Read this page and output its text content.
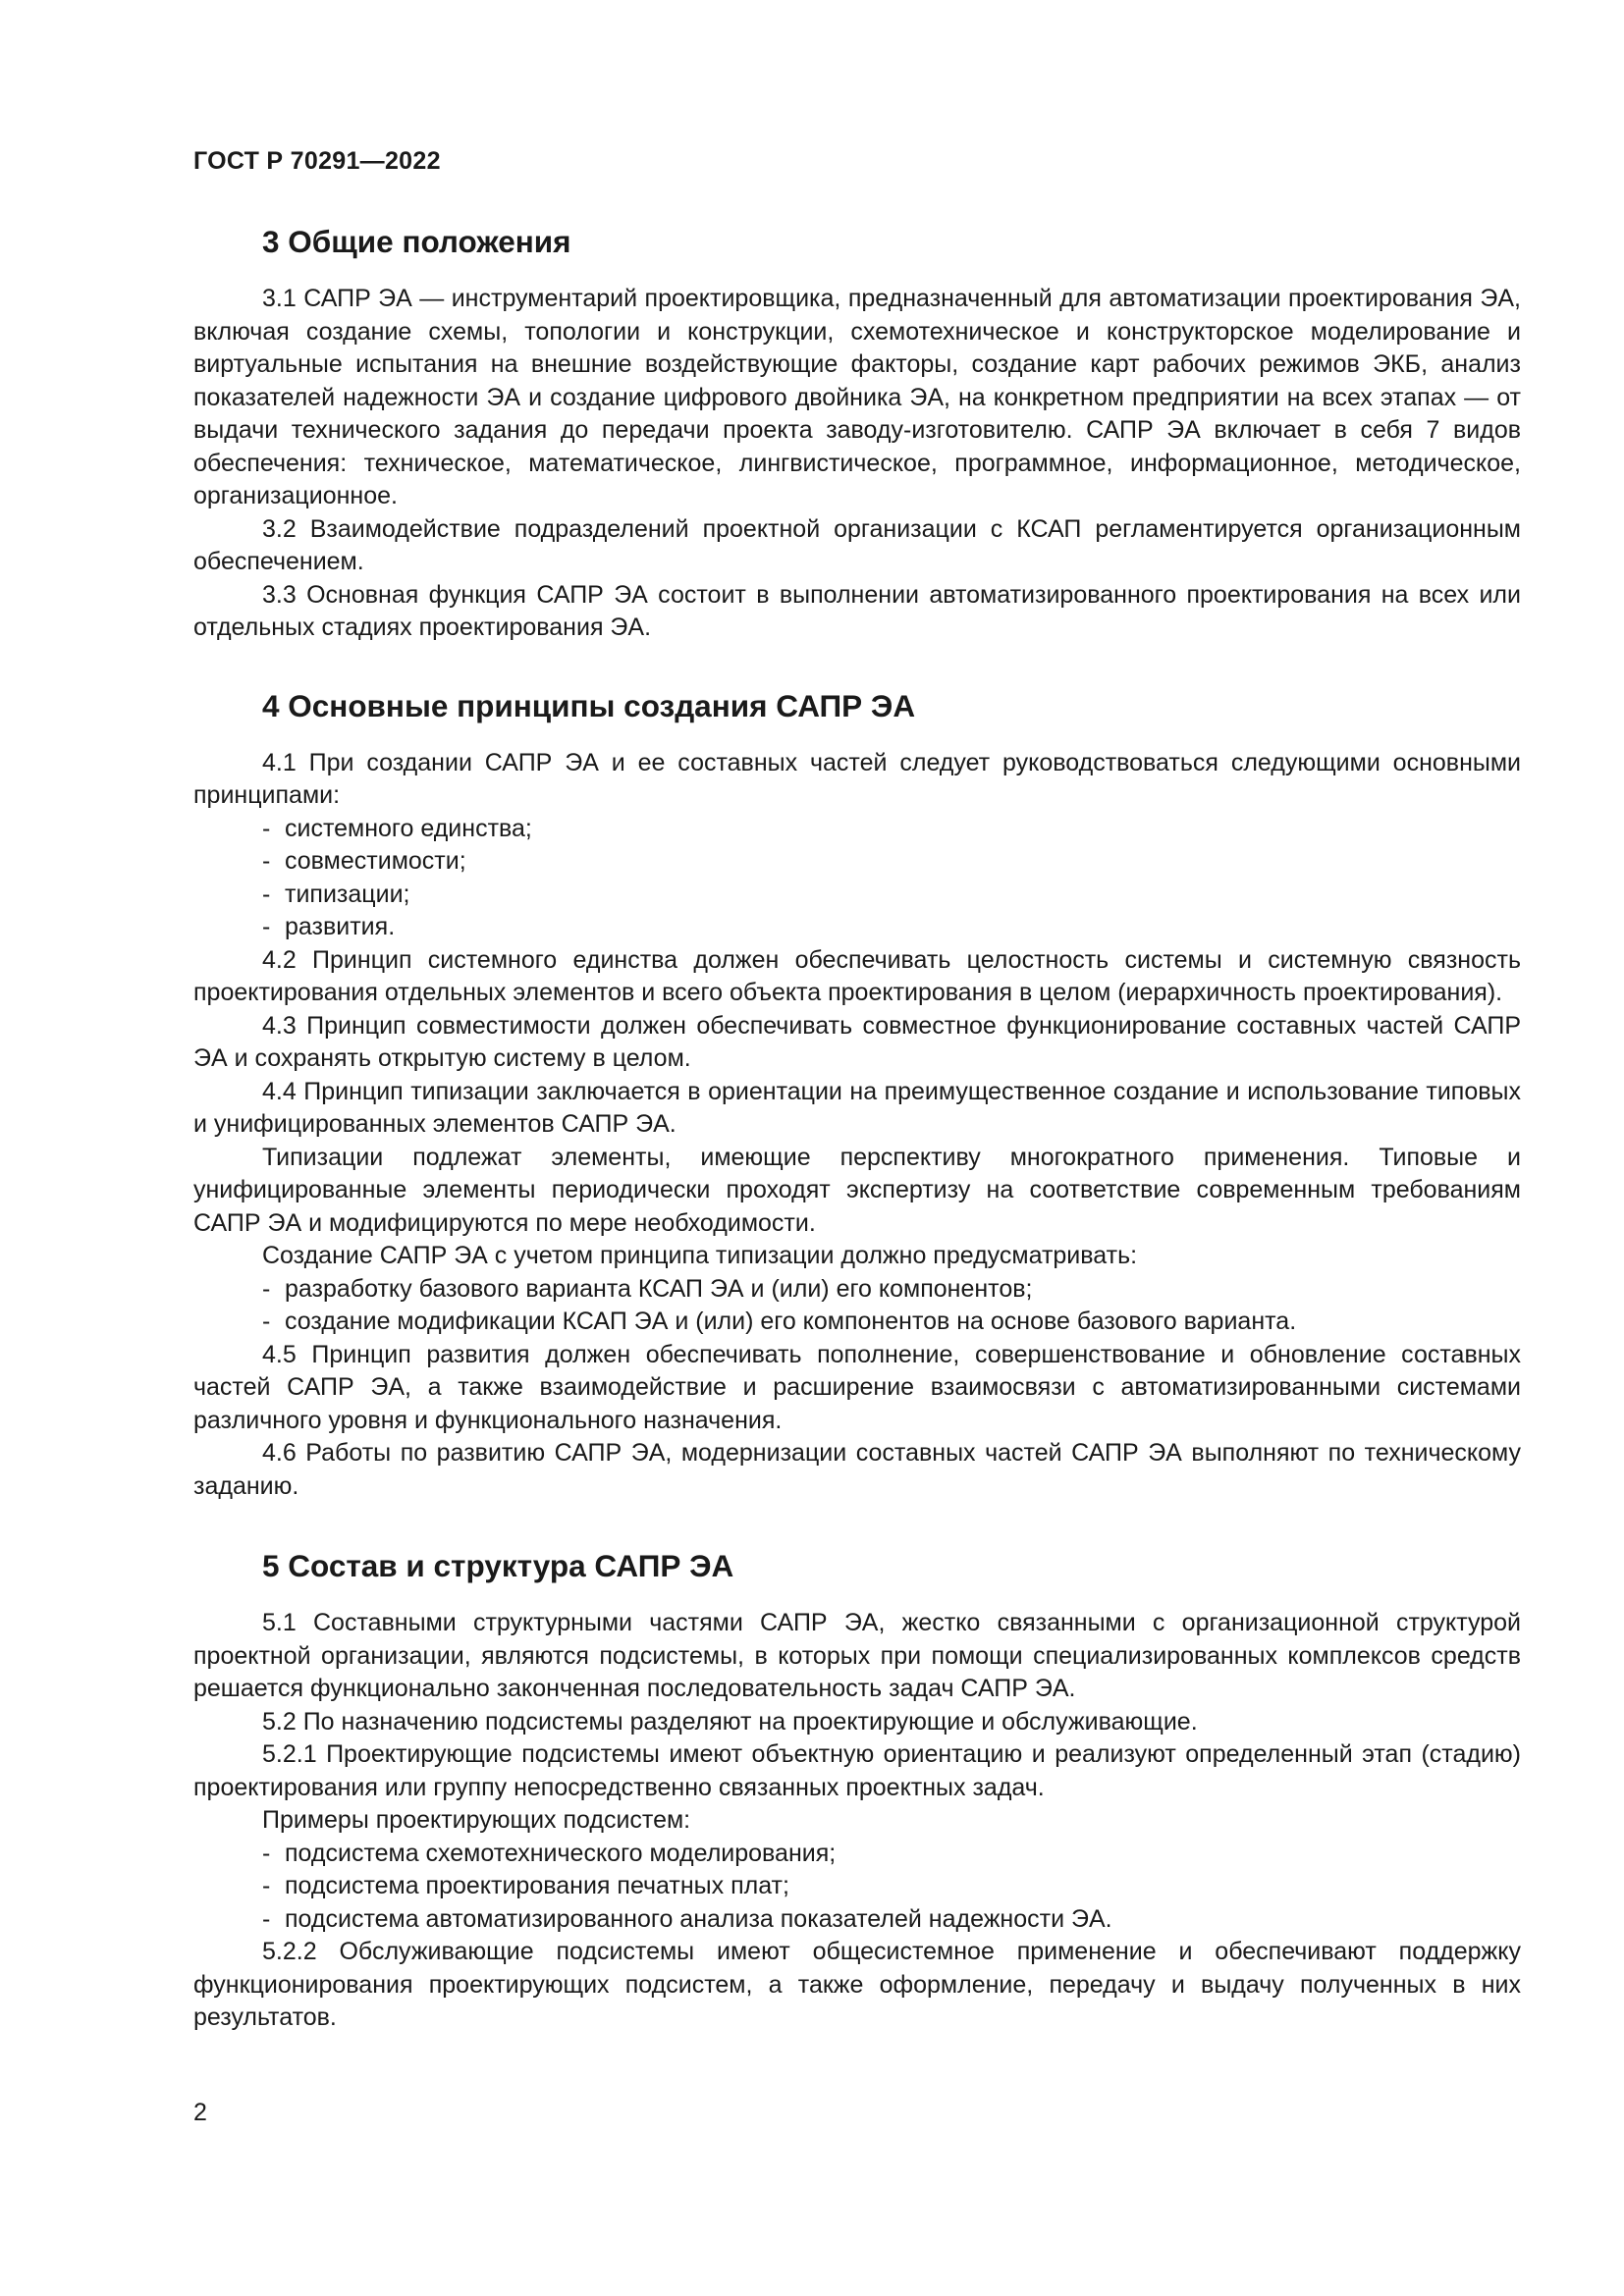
ГОСТ Р 70291—2022
3 Общие положения

3.1 САПР ЭА — инструментарий проектировщика, предназначенный для автоматизации проектирования ЭА, включая создание схемы, топологии и конструкции, схемотехническое и конструкторское моделирование и виртуальные испытания на внешние воздействующие факторы, создание карт рабочих режимов ЭКБ, анализ показателей надежности ЭА и создание цифрового двойника ЭА, на конкретном предприятии на всех этапах — от выдачи технического задания до передачи проекта заводу-изготовителю. САПР ЭА включает в себя 7 видов обеспечения: техническое, математическое, лингвистическое, программное, информационное, методическое, организационное.

3.2 Взаимодействие подразделений проектной организации с КСАП регламентируется организационным обеспечением.

3.3 Основная функция САПР ЭА состоит в выполнении автоматизированного проектирования на всех или отдельных стадиях проектирования ЭА.

4 Основные принципы создания САПР ЭА

4.1 При создании САПР ЭА и ее составных частей следует руководствоваться следующими основными принципами:

- системного единства;
- совместимости;
- типизации;
- развития.

4.2 Принцип системного единства должен обеспечивать целостность системы и системную связность проектирования отдельных элементов и всего объекта проектирования в целом (иерархичность проектирования).

4.3 Принцип совместимости должен обеспечивать совместное функционирование составных частей САПР ЭА и сохранять открытую систему в целом.

4.4 Принцип типизации заключается в ориентации на преимущественное создание и использование типовых и унифицированных элементов САПР ЭА.

Типизации подлежат элементы, имеющие перспективу многократного применения. Типовые и унифицированные элементы периодически проходят экспертизу на соответствие современным требованиям САПР ЭА и модифицируются по мере необходимости.

Создание САПР ЭА с учетом принципа типизации должно предусматривать:

- разработку базового варианта КСАП ЭА и (или) его компонентов;
- создание модификации КСАП ЭА и (или) его компонентов на основе базового варианта.

4.5 Принцип развития должен обеспечивать пополнение, совершенствование и обновление составных частей САПР ЭА, а также взаимодействие и расширение взаимосвязи с автоматизированными системами различного уровня и функционального назначения.

4.6 Работы по развитию САПР ЭА, модернизации составных частей САПР ЭА выполняют по техническому заданию.

5 Состав и структура САПР ЭА

5.1 Составными структурными частями САПР ЭА, жестко связанными с организационной структурой проектной организации, являются подсистемы, в которых при помощи специализированных комплексов средств решается функционально законченная последовательность задач САПР ЭА.

5.2 По назначению подсистемы разделяют на проектирующие и обслуживающие.

5.2.1 Проектирующие подсистемы имеют объектную ориентацию и реализуют определенный этап (стадию) проектирования или группу непосредственно связанных проектных задач.

Примеры проектирующих подсистем:

- подсистема схемотехнического моделирования;
- подсистема проектирования печатных плат;
- подсистема автоматизированного анализа показателей надежности ЭА.

5.2.2 Обслуживающие подсистемы имеют общесистемное применение и обеспечивают поддержку функционирования проектирующих подсистем, а также оформление, передачу и выдачу полученных в них результатов.

2
